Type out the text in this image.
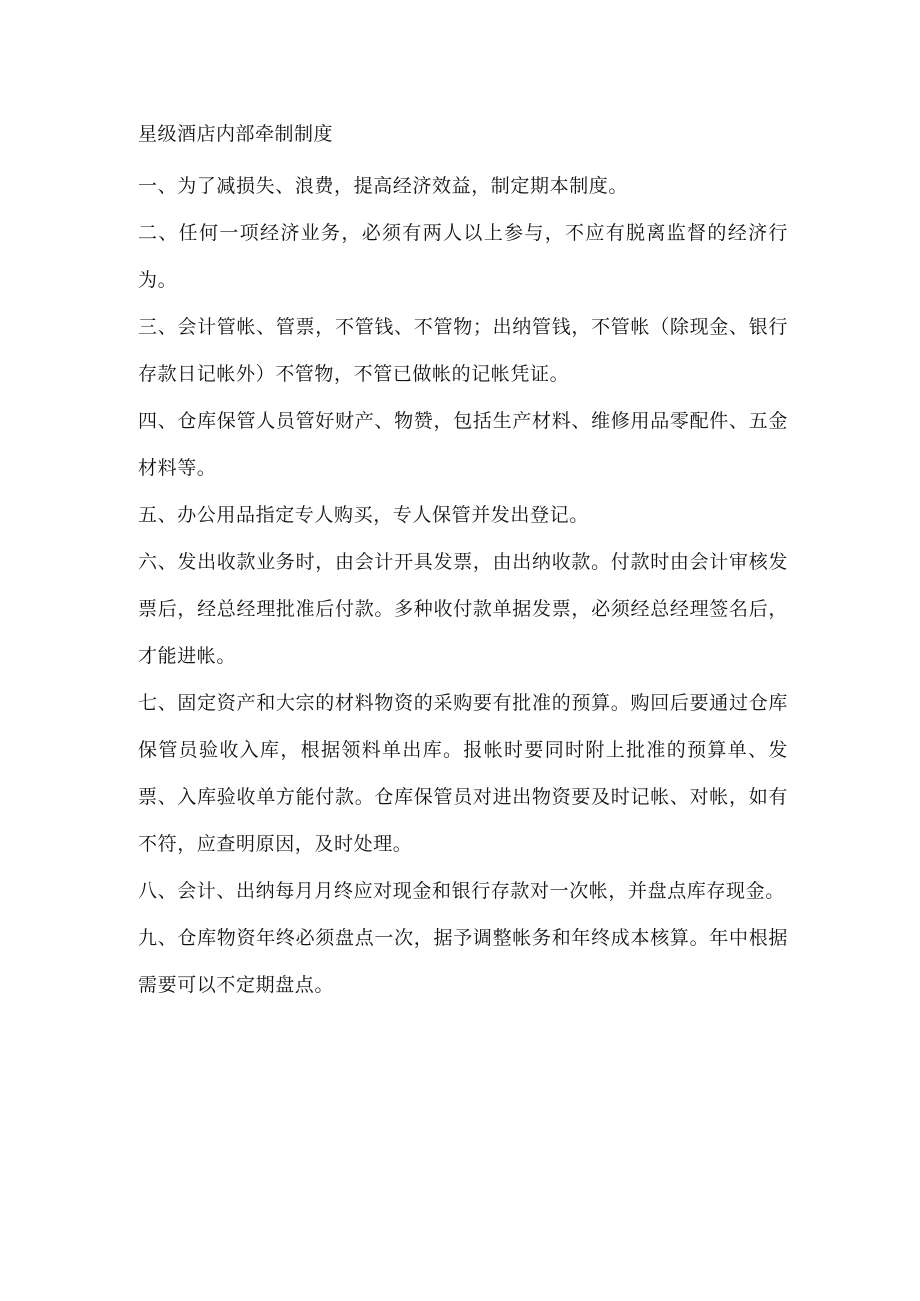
星级酒店内部牵制制度

一、为了减损失、浪费，提高经济效益，制定期本制度。

二、任何一项经济业务，必须有两人以上参与，不应有脱离监督的经济行为。

三、会计管帐、管票，不管钱、不管物；出纳管钱，不管帐（除现金、银行存款日记帐外）不管物，不管已做帐的记帐凭证。

四、仓库保管人员管好财产、物赞，包括生产材料、维修用品零配件、五金材料等。

五、办公用品指定专人购买，专人保管并发出登记。

六、发出收款业务时，由会计开具发票，由出纳收款。付款时由会计审核发票后，经总经理批准后付款。多种收付款单据发票，必须经总经理签名后，才能进帐。

七、固定资产和大宗的材料物资的采购要有批准的预算。购回后要通过仓库保管员验收入库，根据领料单出库。报帐时要同时附上批准的预算单、发票、入库验收单方能付款。仓库保管员对进出物资要及时记帐、对帐，如有不符，应查明原因，及时处理。

八、会计、出纳每月月终应对现金和银行存款对一次帐，并盘点库存现金。

九、仓库物资年终必须盘点一次，据予调整帐务和年终成本核算。年中根据需要可以不定期盘点。
